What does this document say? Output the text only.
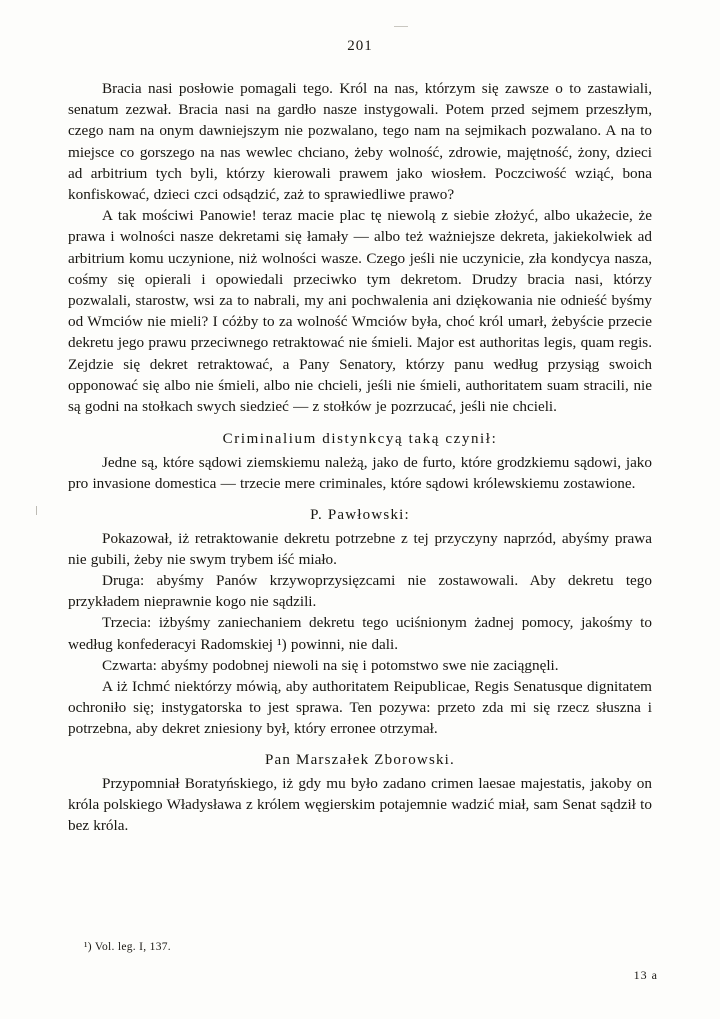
201

Bracia nasi posłowie pomagali tego. Król na nas, którzym się zawsze o to zastawiali, senatum zezwał. Bracia nasi na gardło nasze instygowali. Potem przed sejmem przeszłym, czego nam na onym dawniejszym nie pozwalano, tego nam na sejmikach pozwalano. A na to miejsce co gorszego na nas wewlec chciano, żeby wolność, zdrowie, majętność, żony, dzieci ad arbitrium tych byli, którzy kierowali prawem jako wiosłem. Poczciwość wziąć, bona konfiskować, dzieci czci odsądzić, zaż to sprawiedliwe prawo?

A tak mościwi Panowie! teraz macie plac tę niewolą z siebie złożyć, albo ukażecie, że prawa i wolności nasze dekretami się łamały — albo też ważniejsze dekreta, jakiekolwiek ad arbitrium komu uczynione, niż wolności wasze. Czego jeśli nie uczynicie, zła kondycya nasza, cośmy się opierali i opowiedali przeciwko tym dekretom. Drudzy bracia nasi, którzy pozwalali, starostw, wsi za to nabrali, my ani pochwalenia ani dziękowania nie odnieść byśmy od Wmciów nie mieli? I cóżby to za wolność Wmciów była, choć król umarł, żebyście przecie dekretu jego prawu przeciwnego retraktować nie śmieli. Major est authoritas legis, quam regis. Zejdzie się dekret retraktować, a Pany Senatory, którzy panu według przysiąg swoich opponować się albo nie śmieli, albo nie chcieli, jeśli nie śmieli, authoritatem suam stracili, nie są godni na stołkach swych siedzieć — z stołków je pozrzucać, jeśli nie chcieli.

Criminalium distynkcyą taką czynił:

Jedne są, które sądowi ziemskiemu należą, jako de furto, które grodzkiemu sądowi, jako pro invasione domestica — trzecie mere criminales, które sądowi królewskiemu zostawione.

P. Pawłowski:

Pokazował, iż retraktowanie dekretu potrzebne z tej przyczyny naprzód, abyśmy prawa nie gubili, żeby nie swym trybem iść miało.

Druga: abyśmy Panów krzywoprzysięzcami nie zostawowali. Aby dekretu tego przykładem nieprawnie kogo nie sądzili.

Trzecia: iżbyśmy zaniechaniem dekretu tego uciśnionym żadnej pomocy, jakośmy to według konfederacyi Radomskiej ¹) powinni, nie dali.

Czwarta: abyśmy podobnej niewoli na się i potomstwo swe nie zaciągnęli.

A iż Ichmć niektórzy mówią, aby authoritatem Reipublicae, Regis Senatusque dignitatem ochroniło się; instygatorska to jest sprawa. Ten pozywa: przeto zda mi się rzecz słuszna i potrzebna, aby dekret zniesiony był, który erronee otrzymał.

Pan Marszałek Zborowski.

Przypomniał Boratyńskiego, iż gdy mu było zadano crimen laesae majestatis, jakoby on króla polskiego Władysława z królem węgierskim potajemnie wadzić miał, sam Senat sądził to bez króla.

¹) Vol. leg. I, 137.
13 a
